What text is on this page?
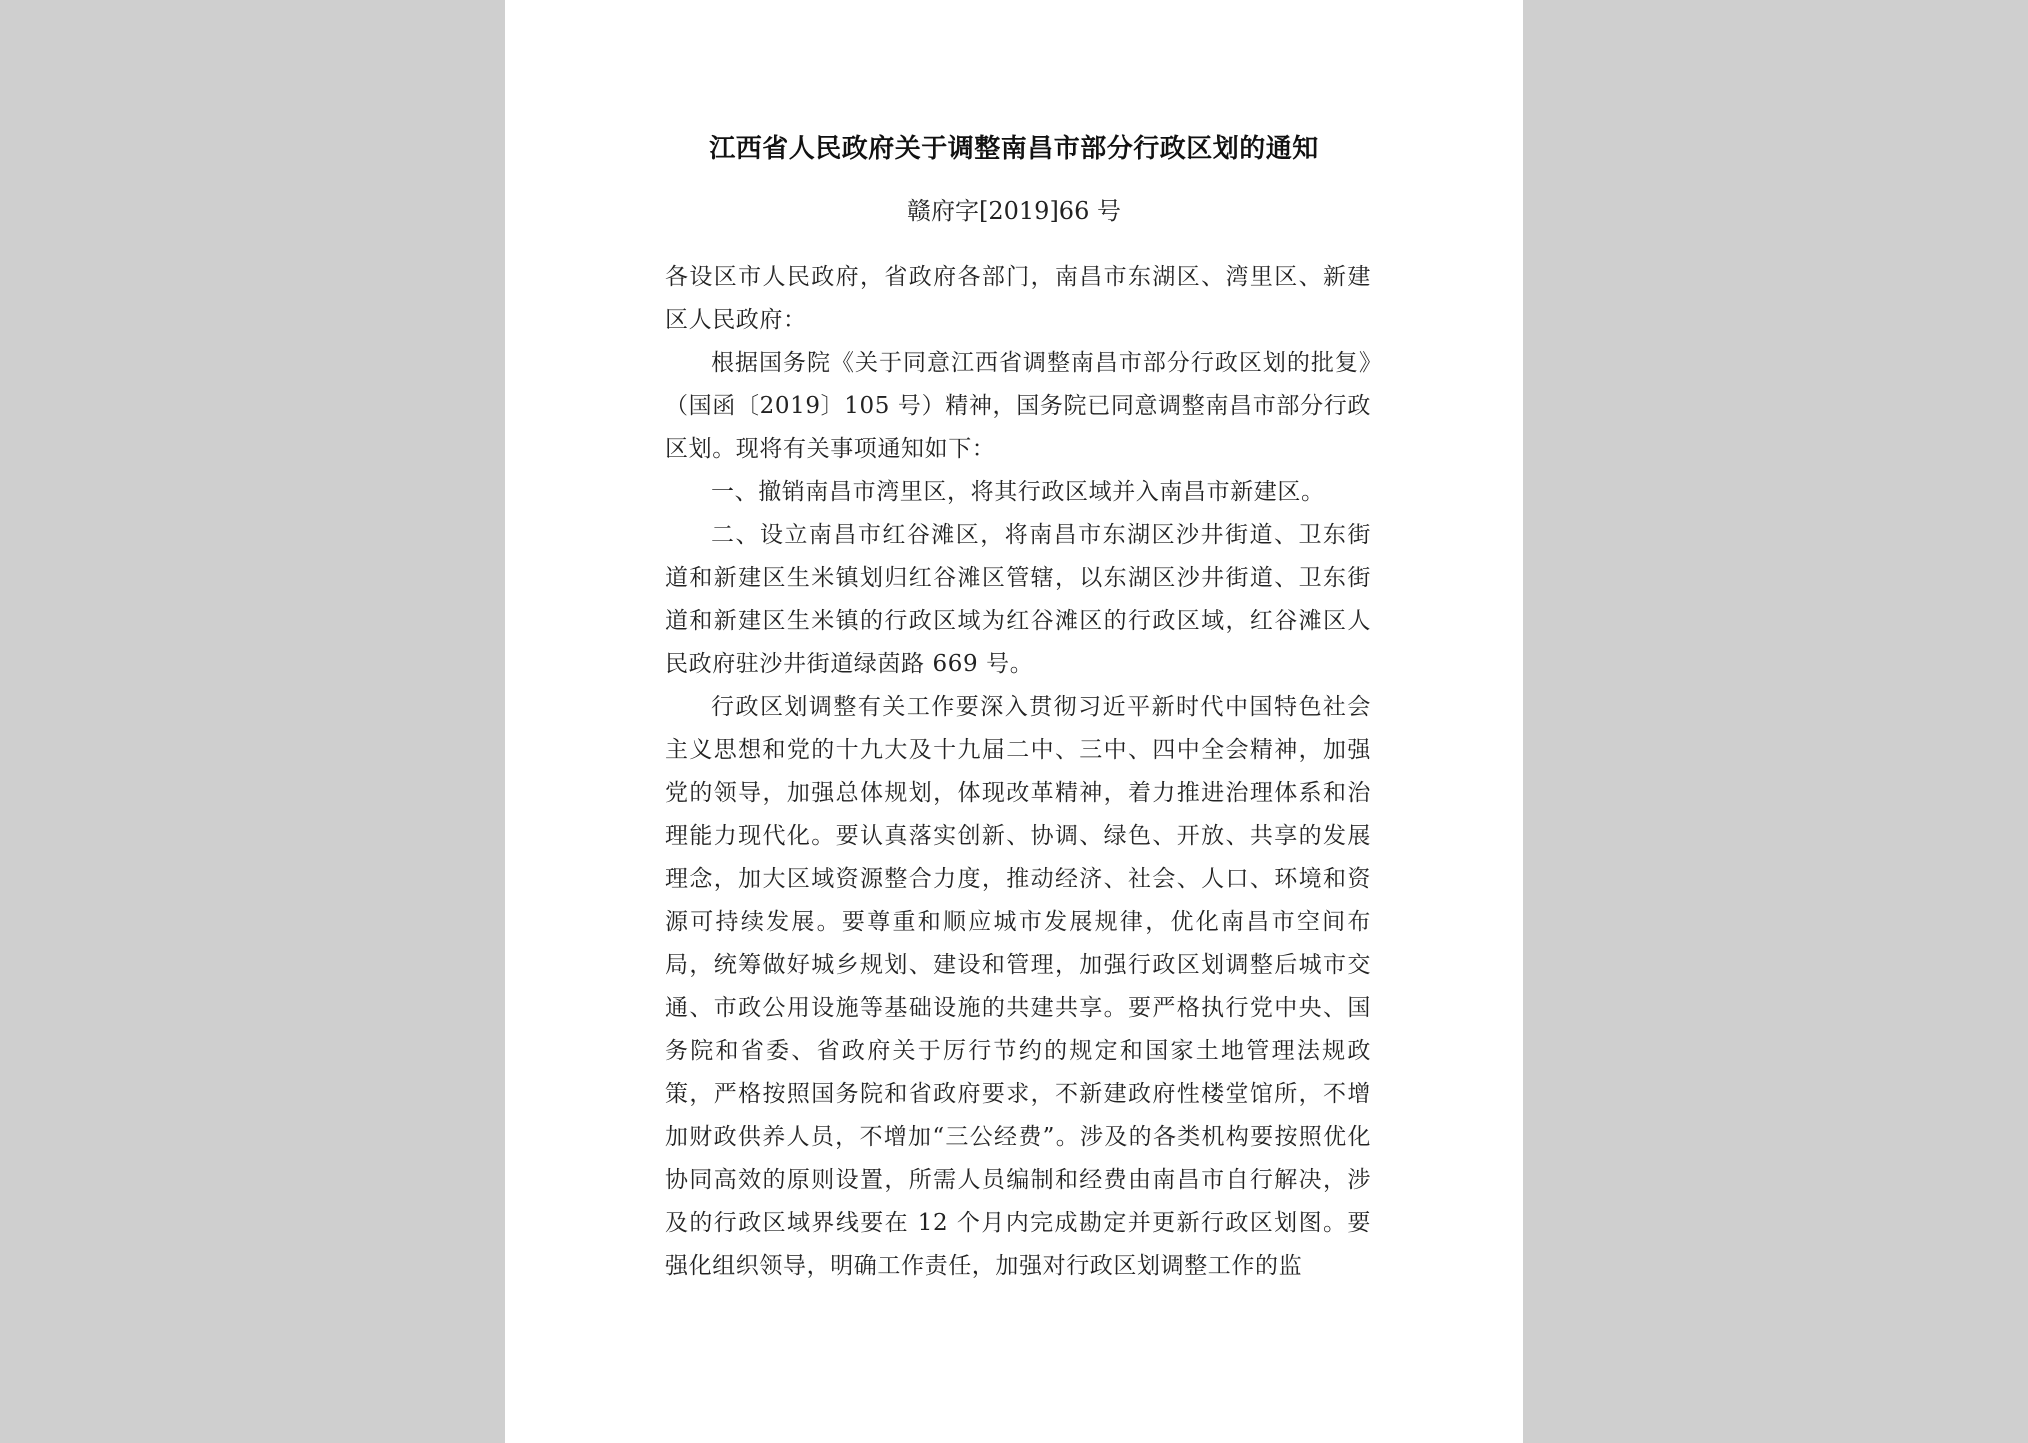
江西省人民政府关于调整南昌市部分行政区划的通知
赣府字[2019]66 号

各设区市人民政府，省政府各部门，南昌市东湖区、湾里区、新建区人民政府：

根据国务院《关于同意江西省调整南昌市部分行政区划的批复》（国函〔2019〕105 号）精神，国务院已同意调整南昌市部分行政区划。现将有关事项通知如下：

一、撤销南昌市湾里区，将其行政区域并入南昌市新建区。

二、设立南昌市红谷滩区，将南昌市东湖区沙井街道、卫东街道和新建区生米镇划归红谷滩区管辖，以东湖区沙井街道、卫东街道和新建区生米镇的行政区域为红谷滩区的行政区域，红谷滩区人民政府驻沙井街道绿茵路 669 号。

行政区划调整有关工作要深入贯彻习近平新时代中国特色社会主义思想和党的十九大及十九届二中、三中、四中全会精神，加强党的领导，加强总体规划，体现改革精神，着力推进治理体系和治理能力现代化。要认真落实创新、协调、绿色、开放、共享的发展理念，加大区域资源整合力度，推动经济、社会、人口、环境和资源可持续发展。要尊重和顺应城市发展规律，优化南昌市空间布局，统筹做好城乡规划、建设和管理，加强行政区划调整后城市交通、市政公用设施等基础设施的共建共享。要严格执行党中央、国务院和省委、省政府关于厉行节约的规定和国家土地管理法规政策，严格按照国务院和省政府要求，不新建政府性楼堂馆所，不增加财政供养人员，不增加“三公经费”。涉及的各类机构要按照优化协同高效的原则设置，所需人员编制和经费由南昌市自行解决，涉及的行政区域界线要在 12 个月内完成勘定并更新行政区划图。要强化组织领导，明确工作责任，加强对行政区划调整工作的监
